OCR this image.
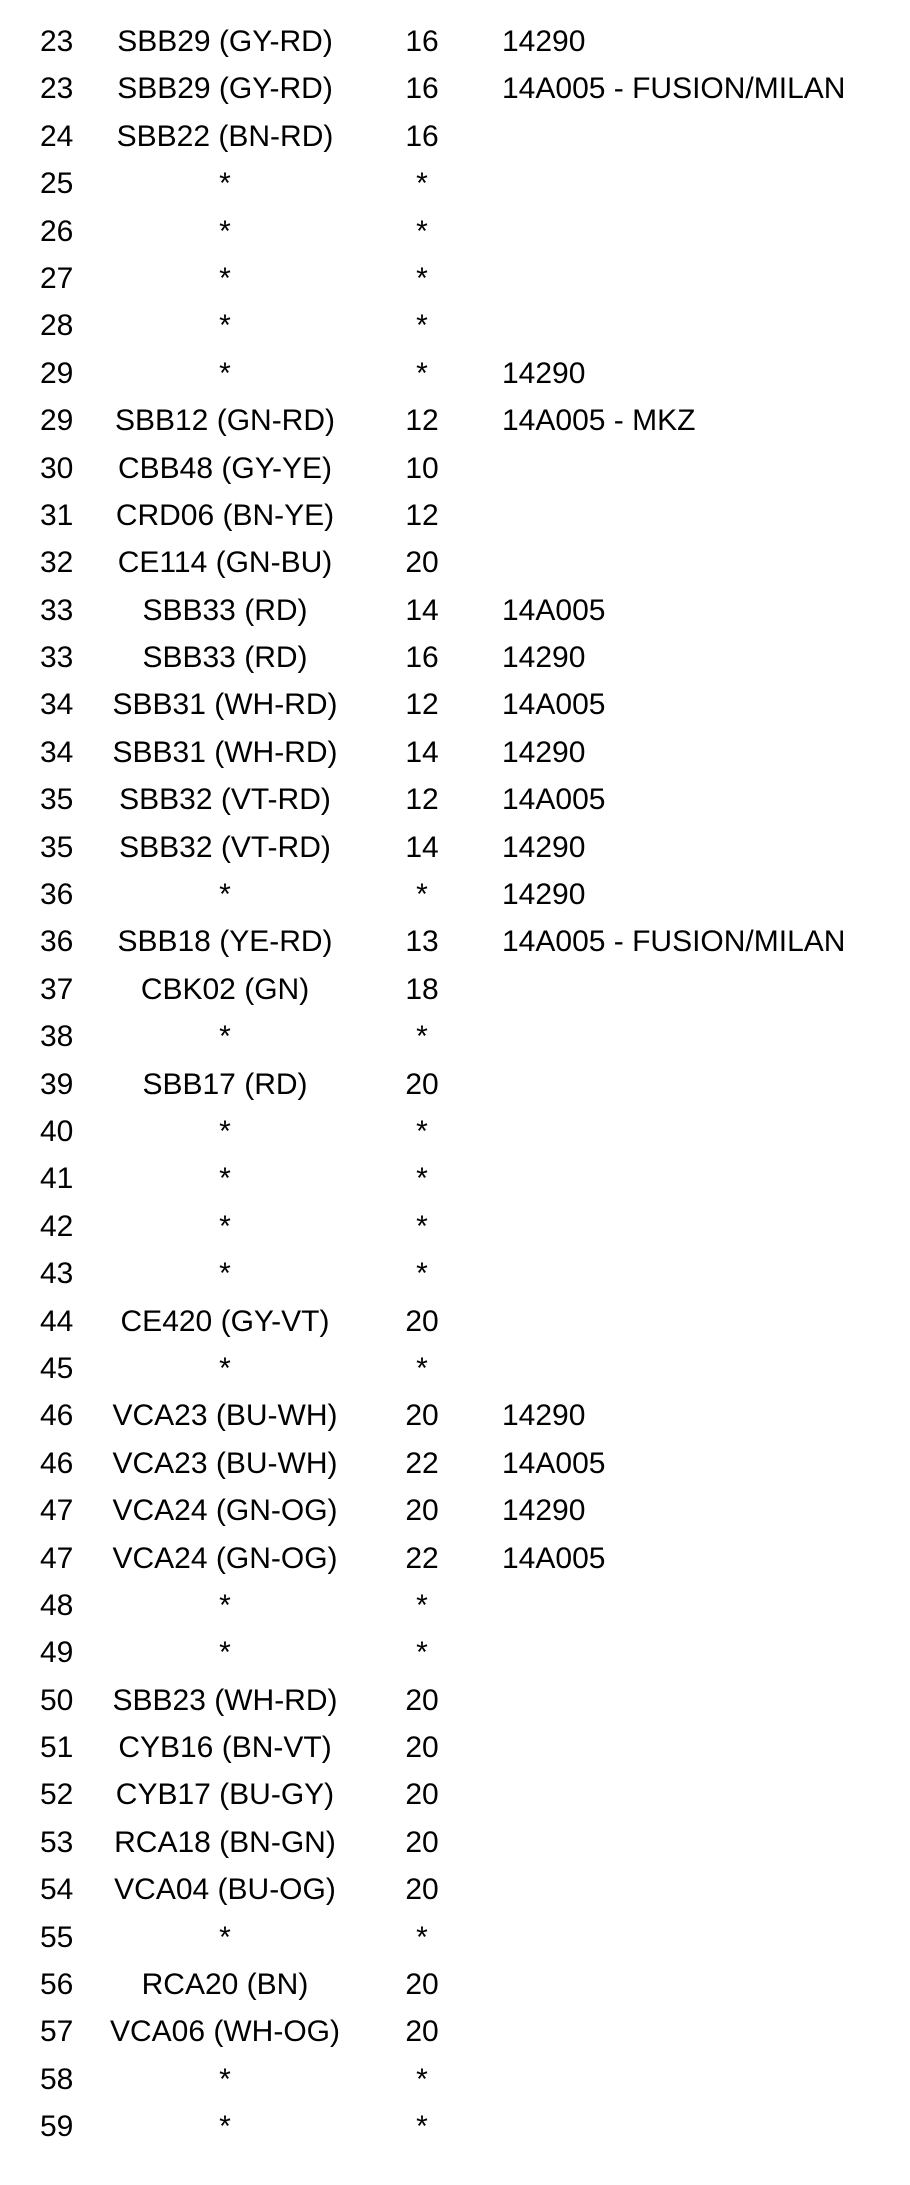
23	SBB29 (GY-RD)	16	14290
23	SBB29 (GY-RD)	16	14A005 - FUSION/MILAN
24	SBB22 (BN-RD)	16
25	*	*
26	*	*
27	*	*
28	*	*
29	*	*	14290
29	SBB12 (GN-RD)	12	14A005 - MKZ
30	CBB48 (GY-YE)	10
31	CRD06 (BN-YE)	12
32	CE114 (GN-BU)	20
33	SBB33 (RD)	14	14A005
33	SBB33 (RD)	16	14290
34	SBB31 (WH-RD)	12	14A005
34	SBB31 (WH-RD)	14	14290
35	SBB32 (VT-RD)	12	14A005
35	SBB32 (VT-RD)	14	14290
36	*	*	14290
36	SBB18 (YE-RD)	13	14A005 - FUSION/MILAN
37	CBK02 (GN)	18
38	*	*
39	SBB17 (RD)	20
40	*	*
41	*	*
42	*	*
43	*	*
44	CE420 (GY-VT)	20
45	*	*
46	VCA23 (BU-WH)	20	14290
46	VCA23 (BU-WH)	22	14A005
47	VCA24 (GN-OG)	20	14290
47	VCA24 (GN-OG)	22	14A005
48	*	*
49	*	*
50	SBB23 (WH-RD)	20
51	CYB16 (BN-VT)	20
52	CYB17 (BU-GY)	20
53	RCA18 (BN-GN)	20
54	VCA04 (BU-OG)	20
55	*	*
56	RCA20 (BN)	20
57	VCA06 (WH-OG)	20
58	*	*
59	*	*
